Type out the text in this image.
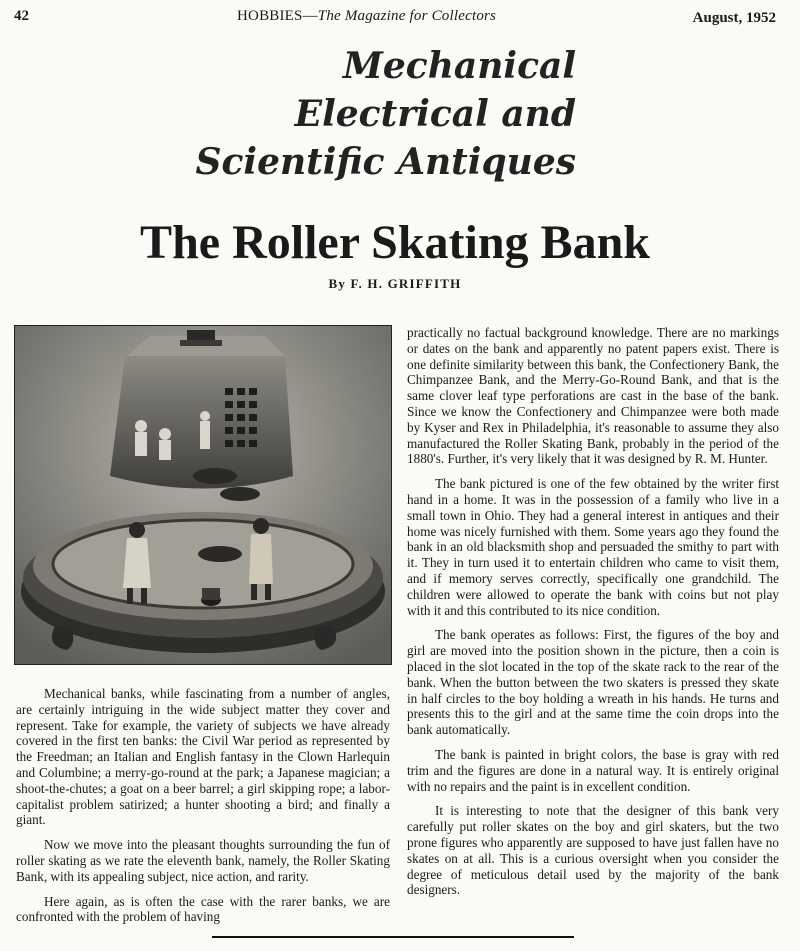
42	HOBBIES—The Magazine for Collectors	August, 1952
Mechanical
Electrical and
Scientific Antiques
The Roller Skating Bank
By F. H. GRIFFITH

Mechanical banks, while fascinating from a number of angles, are certainly intriguing in the wide subject matter they cover and represent. Take for example, the variety of subjects we have already covered in the first ten banks: the Civil War period as represented by the Freedman; an Italian and English fantasy in the Clown Harlequin and Columbine; a merry-go-round at the park; a Japanese magician; a shoot-the-chutes; a goat on a beer barrel; a girl skipping rope; a labor-capitalist problem satirized; a hunter shooting a bird; and finally a giant.

Now we move into the pleasant thoughts surrounding the fun of roller skating as we rate the eleventh bank, namely, the Roller Skating Bank, with its appealing subject, nice action, and rarity.

Here again, as is often the case with the rarer banks, we are confronted with the problem of having

practically no factual background knowledge. There are no markings or dates on the bank and apparently no patent papers exist. There is one definite similarity between this bank, the Confectionery Bank, the Chimpanzee Bank, and the Merry-Go-Round Bank, and that is the same clover leaf type perforations are cast in the base of the bank. Since we know the Confectionery and Chimpanzee were both made by Kyser and Rex in Philadelphia, it's reasonable to assume they also manufactured the Roller Skating Bank, probably in the period of the 1880's. Further, it's very likely that it was designed by R. M. Hunter.

The bank pictured is one of the few obtained by the writer first hand in a home. It was in the possession of a family who live in a small town in Ohio. They had a general interest in antiques and their home was nicely furnished with them. Some years ago they found the bank in an old blacksmith shop and persuaded the smithy to part with it. They in turn used it to entertain children who came to visit them, and if memory serves correctly, specifically one grandchild. The children were allowed to operate the bank with coins but not play with it and this contributed to its nice condition.

The bank operates as follows: First, the figures of the boy and girl are moved into the position shown in the picture, then a coin is placed in the slot located in the top of the skate rack to the rear of the bank. When the button between the two skaters is pressed they skate in half circles to the boy holding a wreath in his hands. He turns and presents this to the girl and at the same time the coin drops into the bank automatically.

The bank is painted in bright colors, the base is gray with red trim and the figures are done in a natural way. It is entirely original with no repairs and the paint is in excellent condition.

It is interesting to note that the designer of this bank very carefully put roller skates on the boy and girl skaters, but the two prone figures who apparently are supposed to have just fallen have no skates on at all. This is a curious oversight when you consider the degree of meticulous detail used by the majority of the bank designers.
